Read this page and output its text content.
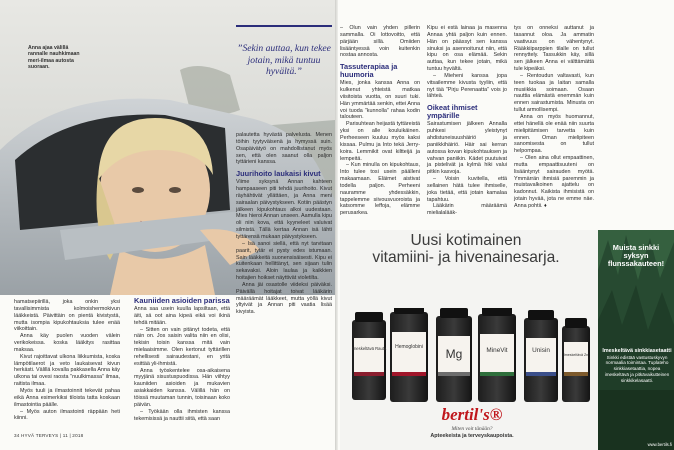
Anna ajaa välillä rannalle nauhkimaan meri-ilmaa autosta suoraan.

hamatsepiirillä, joka onkin yksi tavallisimmista kolmoishermokivun lääkkeistä. Päivittäin on pientä kivistystä, mutta isompia kipukohtauksia tulee enää viikoittain.

Anna käy puolen vuoden välein verikokeissa. koska lääkitys rasittaa maksaa.

Kivut rajoittavat ulkona liikkumista, koska lämpötilaerot ja veto laukaisevat kivun herkästi. Välillä kovalla pakkasella Anna käy ulkona tai ovesi raosta ”nuulkimassa” ilmaa, raitista ilmaa.

Myös tuuli ja ilmastoinnit tekevät pahaa eikä Anna esimerkiksi tiloista tatta koskaan ilmastointia päälle.

– Myös auton ilmastointi räppään heti kiinni.

Kauniiden asioiden parissa

Anna saa usein kuulla lapsiltaan, että äiti, sä oot aina kipeä eikä voi ikinä tehdä mitään.

– Sitten on vain pitänyt todeta, että näin on. Jos saisin valita niin en olisi, tekisin toisin kanssa mitä vain mielaaisimme. Olen kertonut tyttärillen rehellisesti sairaudestani, en yritä esittää yli-ihmistä.

Anna työskentelee osa-aikaisena myyjänä sisustuspuodissa. Hän viihtyy kauniiden asioiden ja mukavien asiakkaiden kanssa. Välillä hän on töissä muutaman tunnin, toisinaan koko päivän.

– Työkään olla ihmisten kanssa tekemisissä ja nauttii siitä, että saan

”Sekin auttaa, kun tekee jotain, mikä tuntuu hyvältä.”
34 HYVÄ TERVEYS | 11 | 2018

– Olun vain yhden pillerin sammalla. Oi lottovoitto, että pärjään sillä. Omiiden lisääntyessä voin kuitenkin nostaa annosta.

Tassuterapiaa ja huumoria

Mies, jonka kanssa Anna on kulkenut yhteistä matkaa viisitoista vuotta, on suuri tuki. Hän ymmärtää senkin, ettei Anna voi tuoda ”kunnolla” rahaa kodin talouteen.

Parisuhtean heijastä tyttäreistä yksi on alle kouluikäinen. Perheeseen kuuluu myös kaksi kissaa. Pulmu ja Into tekä Jerry-koira. Lemmikit ovat kiltteijä ja lempeitä.

– Kun minulla on kipukohtaus, Into tulee tosi usein päälleni makaamaan. Eläimet aistivat todella paljon. Perheeni nauramme yhdessäkkin, tappelemme siivousvuoroista ja katsomme leffoja, elämme perusarkea.

Kipu ei estä lainaa ja masenna Annaa yhtä paljon kuin ennen. Hän on päässyt sen kanssa sinuksi ja asennoitunut niin, että kipu on osa elämää. Sekin auttaa, kun tekee jotain, mikä tuntuu hyvältä.

– Mieheni kanssa jopa vitsailemme kivusta tyyliin, että nyt tää ”Pirju Perenaatta” vois jo lähteä.

Oikeat ihmiset ympärille

Sairastumisen jälkeen Annalla puhkesi yleistynyt ahdistuneisuushäiriö ja paniikkihäiriö. Häir sai kerran autossa kovan kipukohtauksen ja vahvan paniikin. Kädet puutuivat ja pistelivät ja kylmä hiki valui pitkin kasvoja.

– Voisin kuvitella, että sellainen hätä tulee ihmiselle, joka tietää, että jotain kamalaa tapahtuu.

Lääkärin määräämä mielialalääk-

tys on onneksi auttanut ja tasannut oloa. Ja ammatin vaativuus on vähentynyt. Rääkkiiparppien tilalle on tullut rennyttely. Tassukkin käy, sillä sen jälkeen Anna ei välttämättä tule kipeäksi.

– Rentoudun valtavasti, kun teen tuokaa ja laitan samalla musiikkia soimaan. Osaan nauttia elämästä enemmän kuin ennen sairastumista. Minusta on tullut armollisempi.

Anna on myös huomannut, ettei hänellä ole enää niin suurta mielipitämisen tarvetta kuin ennen. Oman mielipiteen sanomisesta on tullut helpompaa.

– Olen aina ollut empaattinen, mutta empaattisuuteni on lisääntynyt sairauden myötä. Ymmärrän ihmisiä paremmin ja muistavalkoinen ajattelu on kadonnut. Kaikista ihmisistä on jotain hyvää, jota ne emme näe. Anna pohtii. ♦

Uusi kotimainen
vitamiini- ja hivenainesarja.
Imeskeltävä Rauta Hemoglobini Mg	MineVit	Unisin
Imeskeltävä Zn
bertil's®
Miten voit tänään?
Apteekeista ja terveyskaupoista.
Muista sinkki syksyn flunssakauteen!
Imeskeltävä sinkkiasetaatti
Sinkki edistää vastustuskyvyn normaalia toimintaa. Tuplateho sinkkiasetaattia, nopea imeskeltävä ja pitkävaikutteinen sinkkikelasaatti.
www.bertils.fi

palautetta hyvästä palvelusta. Menen töihin tyytyväisenä ja hymyssä suin. Osapäivätyö on mahdollistanut myös sen, että olen saanut olla paljon tyttärieni kanssa.

Juurihoito laukaisi kivut

Viime syksynä Annan kahteen hampaaseen piti tehdä juurihoito. Kivut räyhähtivät yllättäen, ja Anna meni sairaalan päivystykseen. Kotiin päästyn jälkeen kipukohtaus alkoi uudestaan. Mies hieroi Annan unseen. Aamulla kipu oli niin kova, että kyyneleet valuivat silmistä. Tällä kertaa Annan isä lähti tyttärensä mukaan päivystykseen.

– Isä sanoi siellä, että nyt tarvitaan paarit, tytär ei pysty edes istumaan. Sain lääkkeitä suonensisäisesti. Kipu ei kuitenkaan hellittänyt, sen sijaan tulin sekavaksi. Aloin laulaa ja kaikkien hoitajien hoikset näyttivät violetilta.

Anna jäi osastolle viideksi päiväksi. Päivällä hoitajat toivat lääkärin määräämät lääkkeet, mutta yöllä kivut yltyivät ja Annan piti vaatia lisää kivyista.
